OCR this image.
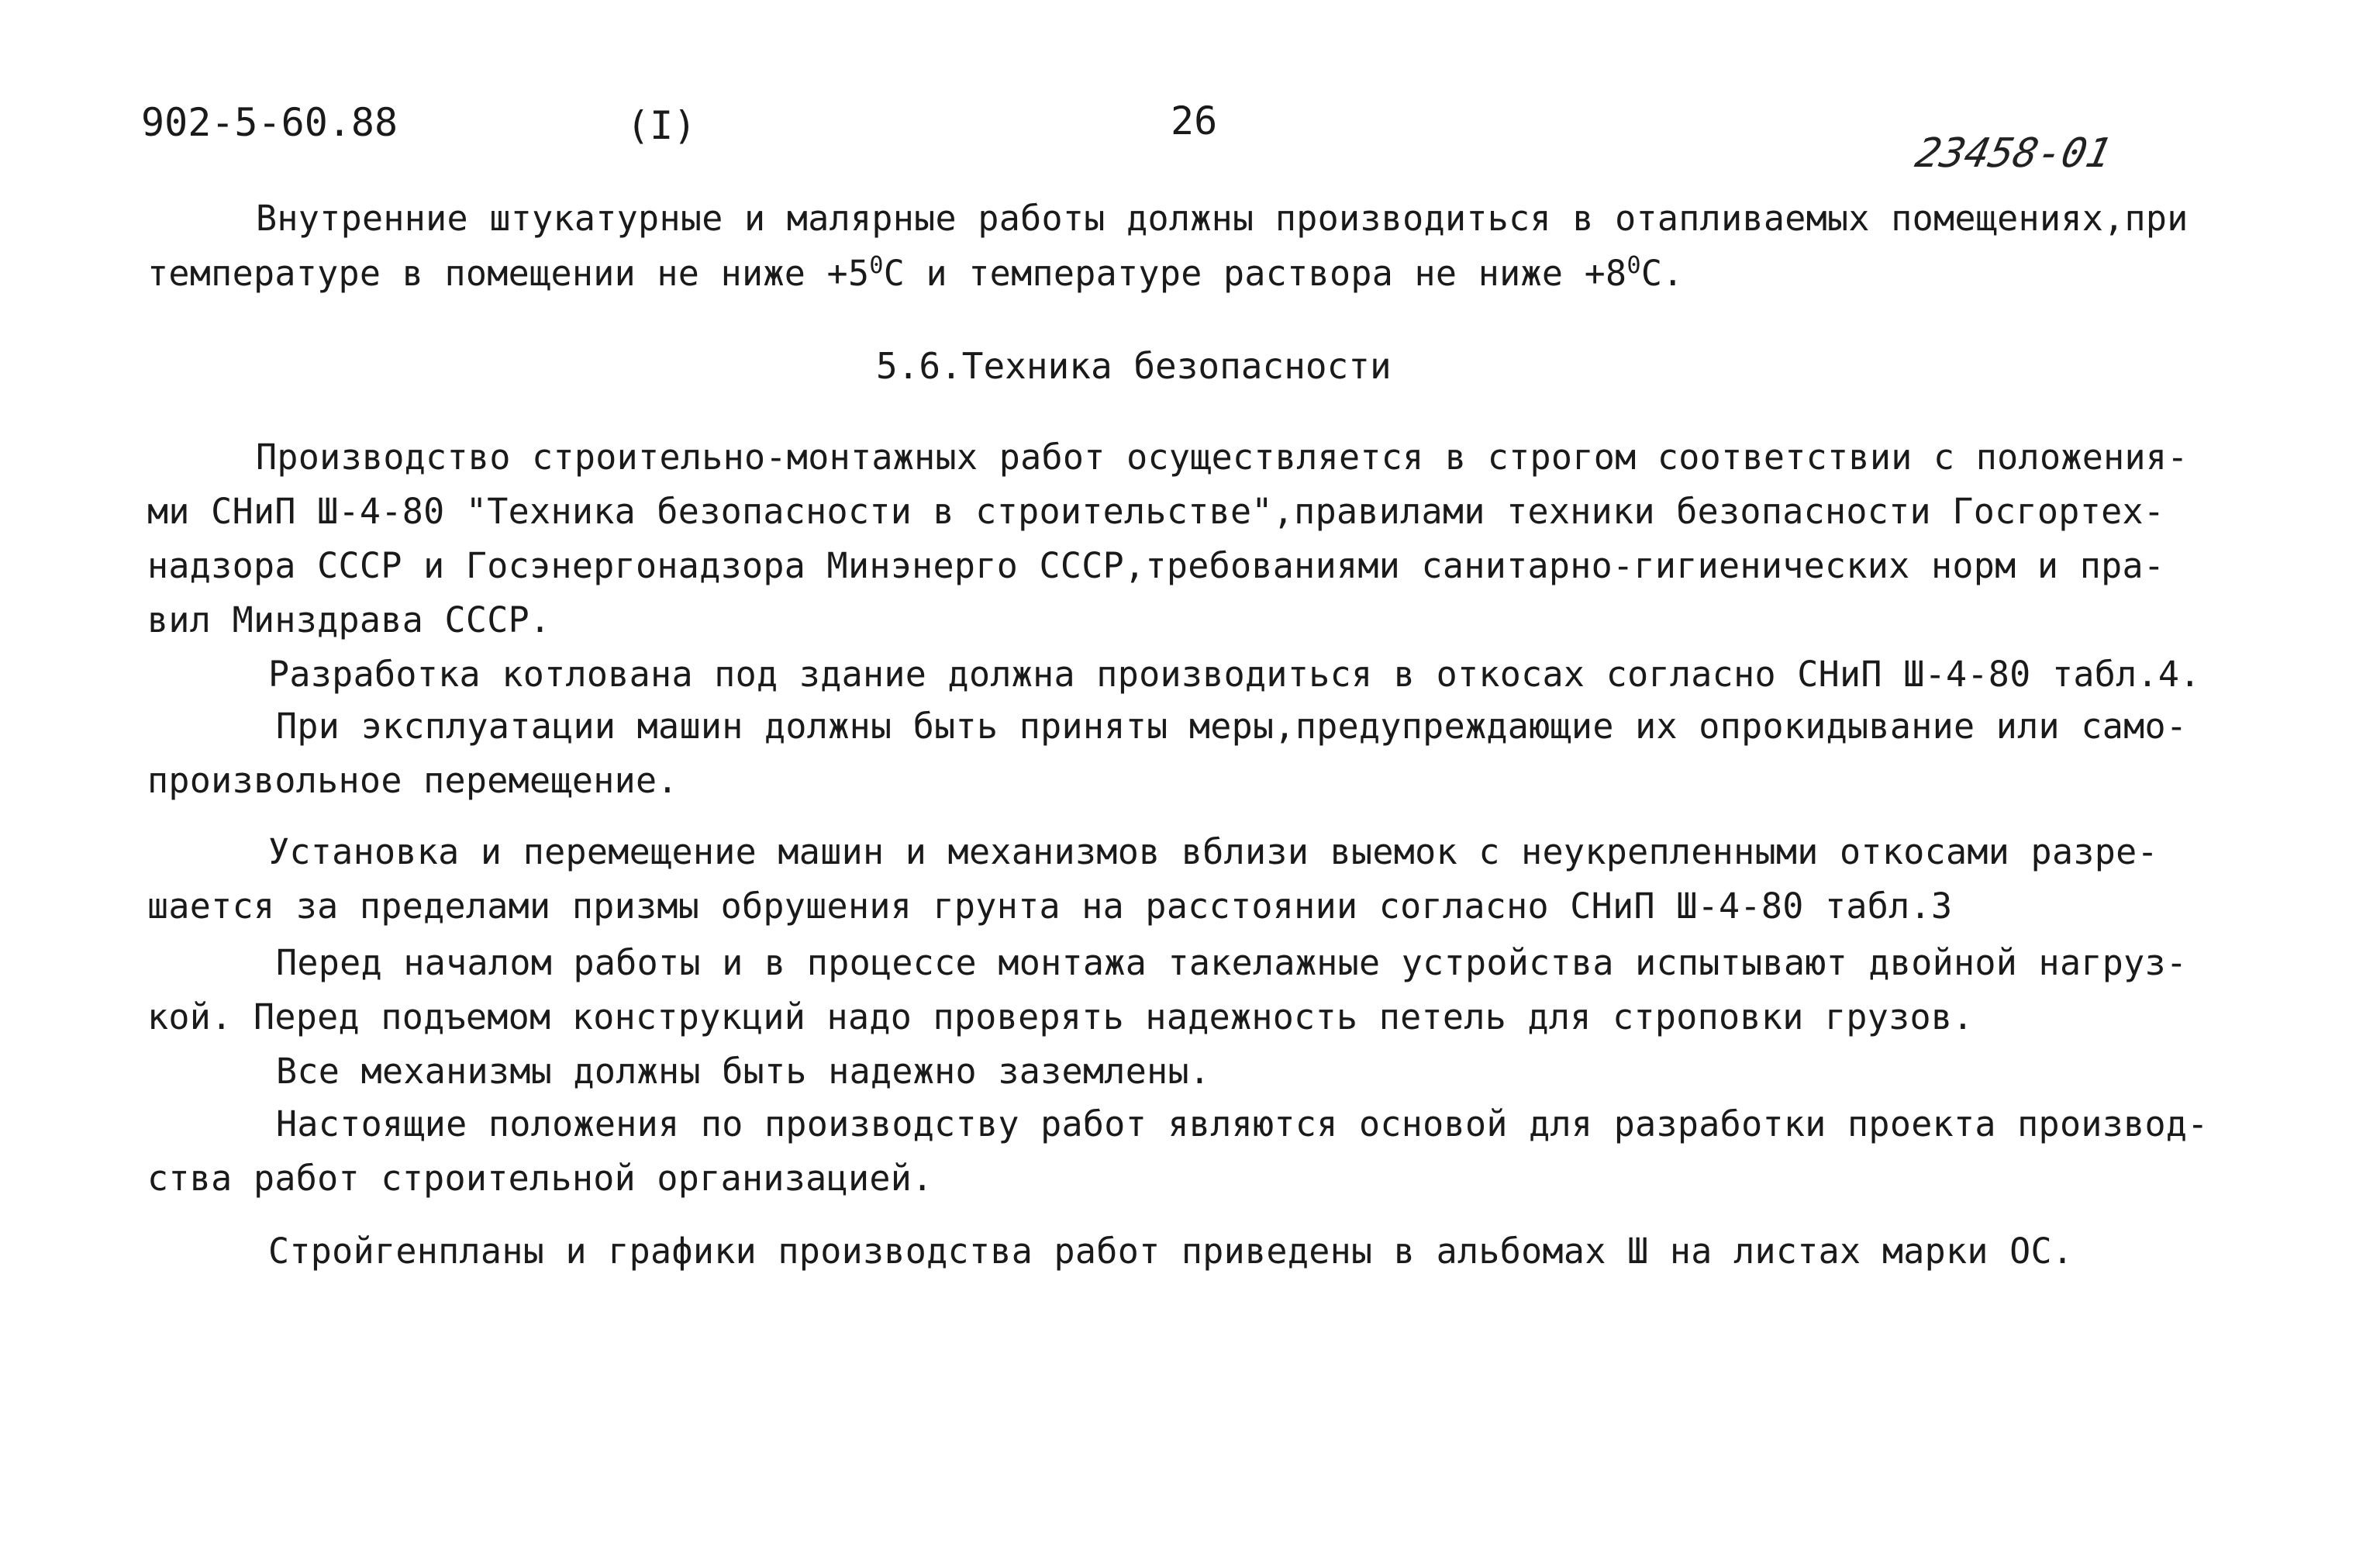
902-5-60.88	(I)	26
23458-01
Внутренние штукатурные и малярные работы должны производиться в отапливаемых помещениях,при
температуре в помещении не ниже $+5^0С$ и температуре раствора не ниже $+8^0С$.
5.6.Техника безопасности
Производство строительно-монтажных работ осуществляется в строгом соответствии с положения-
ми СНиП Ш-4-80 "Техника безопасности в строительстве",правилами техники безопасности Госгортех-
надзора СССР и Госэнергонадзора Минэнерго СССР,требованиями санитарно-гигиенических норм и пра-
вил Минздрава СССР.
Разработка котлована под здание должна производиться в откосах согласно СНиП Ш-4-80 табл.4.
При эксплуатации машин должны быть приняты меры,предупреждающие их опрокидывание или само-
произвольное перемещение.
Установка и перемещение машин и механизмов вблизи выемок с неукрепленными откосами разре-
шается за пределами призмы обрушения грунта на расстоянии согласно СНиП Ш-4-80 табл.3
Перед началом работы и в процессе монтажа такелажные устройства испытывают двойной нагруз-
кой. Перед подъемом конструкций надо проверять надежность петель для строповки грузов.
Все механизмы должны быть надежно заземлены.
Настоящие положения по производству работ являются основой для разработки проекта производ-
ства работ строительной организацией.
Стройгенпланы и графики производства работ приведены в альбомах Ш на листах марки ОС.
